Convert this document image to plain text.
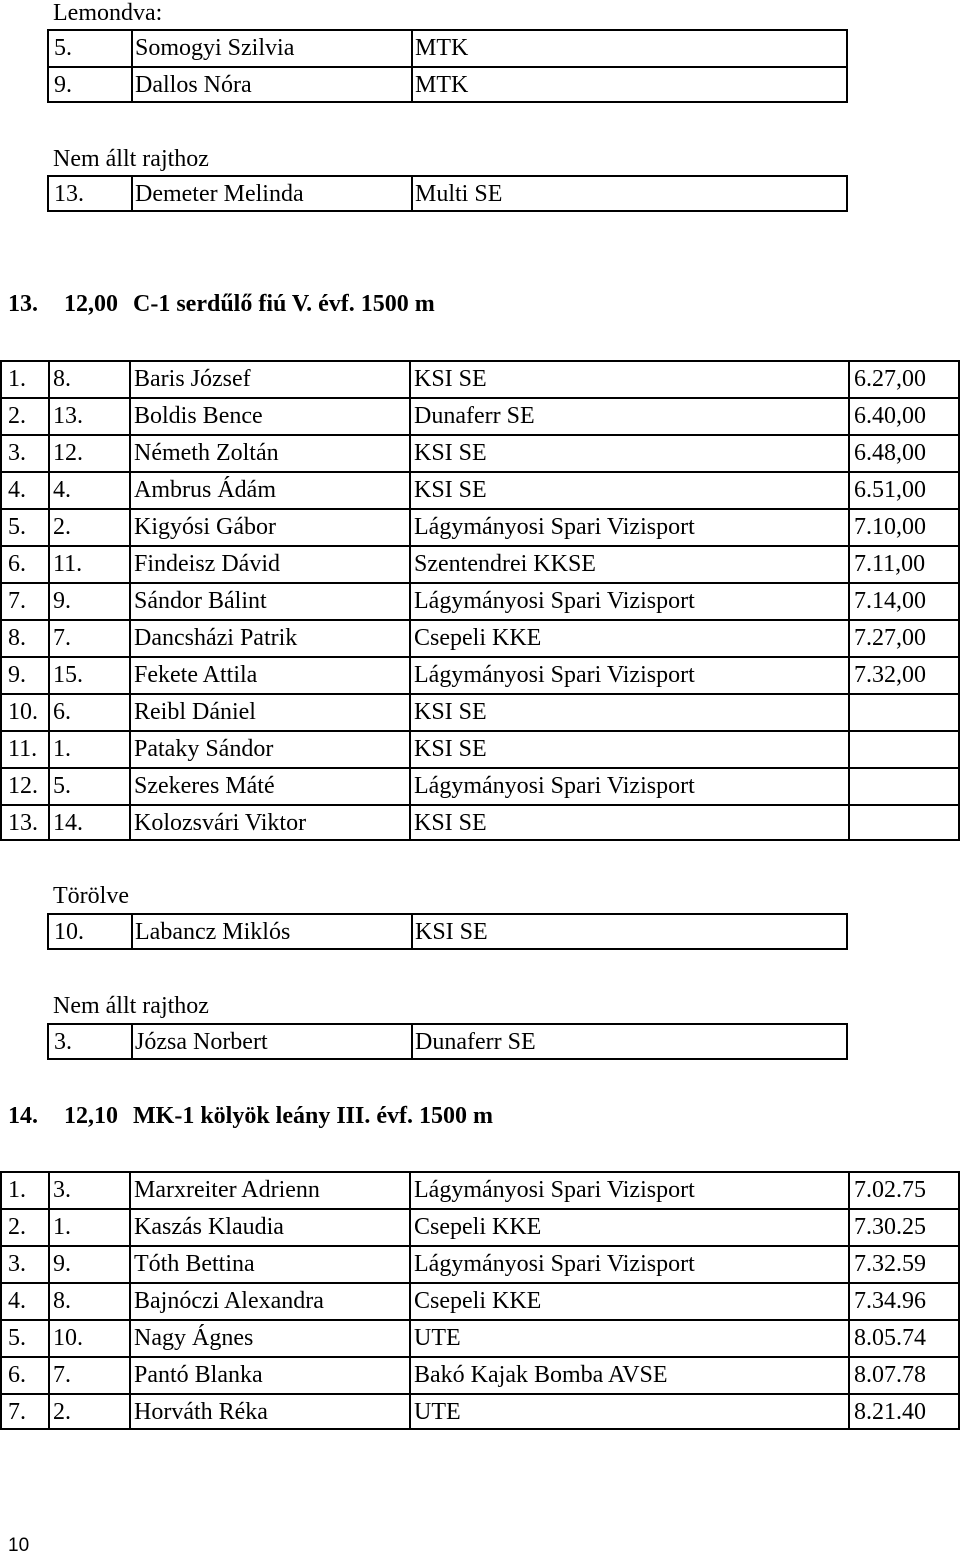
Lemondva:
5.	Somogyi Szilvia	MTK
9.	Dallos Nóra	MTK
Nem állt rajthoz
13. Demeter Melinda	Multi SE
13. 12,00 C-1 serdűlő fiú V. évf. 1500 m
1. 8.	Baris József	KSI SE	6.27,00
2. 13. Boldis Bence	Dunaferr SE	6.40,00
3. 12. Németh Zoltán	KSI SE	6.48,00
4. 4.	Ambrus Ádám	KSI SE	6.51,00
5. 2.	Kigyósi Gábor	Lágymányosi Spari Vizisport	7.10,00
6. 11. Findeisz Dávid	Szentendrei KKSE	7.11,00
7. 9.	Sándor Bálint	Lágymányosi Spari Vizisport	7.14,00
8. 7.	Dancsházi Patrik	Csepeli KKE	7.27,00
9. 15. Fekete Attila	Lágymányosi Spari Vizisport	7.32,00
10. 6.	Reibl Dániel	KSI SE
11. 1.	Pataky Sándor	KSI SE
12. 5.	Szekeres Máté	Lágymányosi Spari Vizisport
13. 14. Kolozsvári Viktor	KSI SE
Törölve
10. Labancz Miklós	KSI SE
Nem állt rajthoz
3.	Józsa Norbert	Dunaferr SE
14. 12,10 MK-1 kölyök leány III. évf. 1500 m
1. 3.	Marxreiter Adrienn	Lágymányosi Spari Vizisport	7.02.75
2. 1.	Kaszás Klaudia	Csepeli KKE	7.30.25
3. 9.	Tóth Bettina	Lágymányosi Spari Vizisport	7.32.59
4. 8.	Bajnóczi Alexandra	Csepeli KKE	7.34.96
5. 10. Nagy Ágnes	UTE	8.05.74
6. 7.	Pantó Blanka	Bakó Kajak Bomba AVSE	8.07.78
7. 2.	Horváth Réka	UTE	8.21.40
10
